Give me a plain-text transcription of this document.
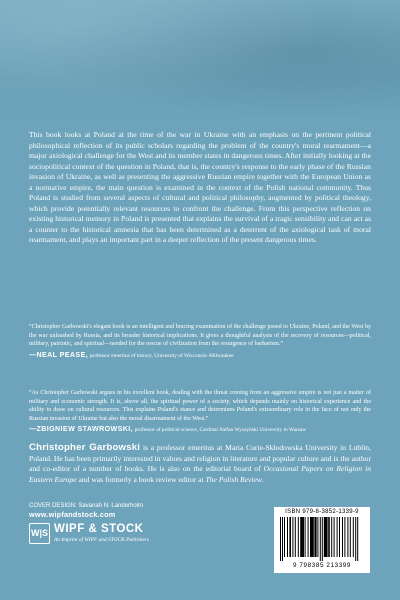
This book looks at Poland at the time of the war in Ukraine with an emphasis on the pertinent political philosophical reflection of its public scholars regarding the problem of the country's moral rearmament—a major axiological challenge for the West and its member states in dangerous times. After initially looking at the sociopolitical context of the question in Poland, that is, the country's response to the early phase of the Russian invasion of Ukraine, as well as presenting the aggressive Russian empire together with the European Union as a normative empire, the main question is examined in the context of the Polish national community. Thus Poland is studied from several aspects of cultural and political philosophy, augmented by political theology, which provide potentially relevant resources to confront the challenge. From this perspective reflection on existing historical memory in Poland is presented that explains the survival of a tragic sensibility and can act as a counter to the historical amnesia that has been determined as a deterrent of the axiological task of moral rearmament, and plays an important part in a deeper reflection of the present dangerous times.

“Christopher Garbowski's elegant book is an intelligent and bracing examination of the challenge posed to Ukraine, Poland, and the West by the war unleashed by Russia, and its broader historical implications. It gives a thoughtful analysis of the recovery of resources—political, military, patriotic, and spiritual—needed for the rescue of civilization from the resurgence of barbarism.”

—NEAL PEASE, professor emeritus of history, University of Wisconsin–Milwaukee

“As Christopher Garbowski argues in his excellent book, dealing with the threat coming from an aggressive empire is not just a matter of military and economic strength. It is, above all, the spiritual power of a society, which depends mainly on historical experience and the ability to draw on cultural resources. This explains Poland's stance and determines Poland's extraordinary role in the face of not only the Russian invasion of Ukraine but also the moral disarmament of the West.”

—ZBIGNIEW STAWROWSKI, professor of political science, Cardinal Stefan Wyszyński University in Warsaw

Christopher Garbowski is a professor emeritus at Maria Curie-Skłodowska University in Lublin, Poland. He has been primarily interested in values and religion in literature and popular culture and is the author and co-editor of a number of books. He is also on the editorial board of Occasional Papers on Religion in Eastern Europe and was formerly a book review editor at The Polish Review.

COVER DESIGN: Savanah N. Landerholm
www.wipfandstock.com
W|S WIPF & STOCK
An Imprint of WIPF and STOCK Publishers
ISBN 979-8-3852-1339-9
9 798385 213399
